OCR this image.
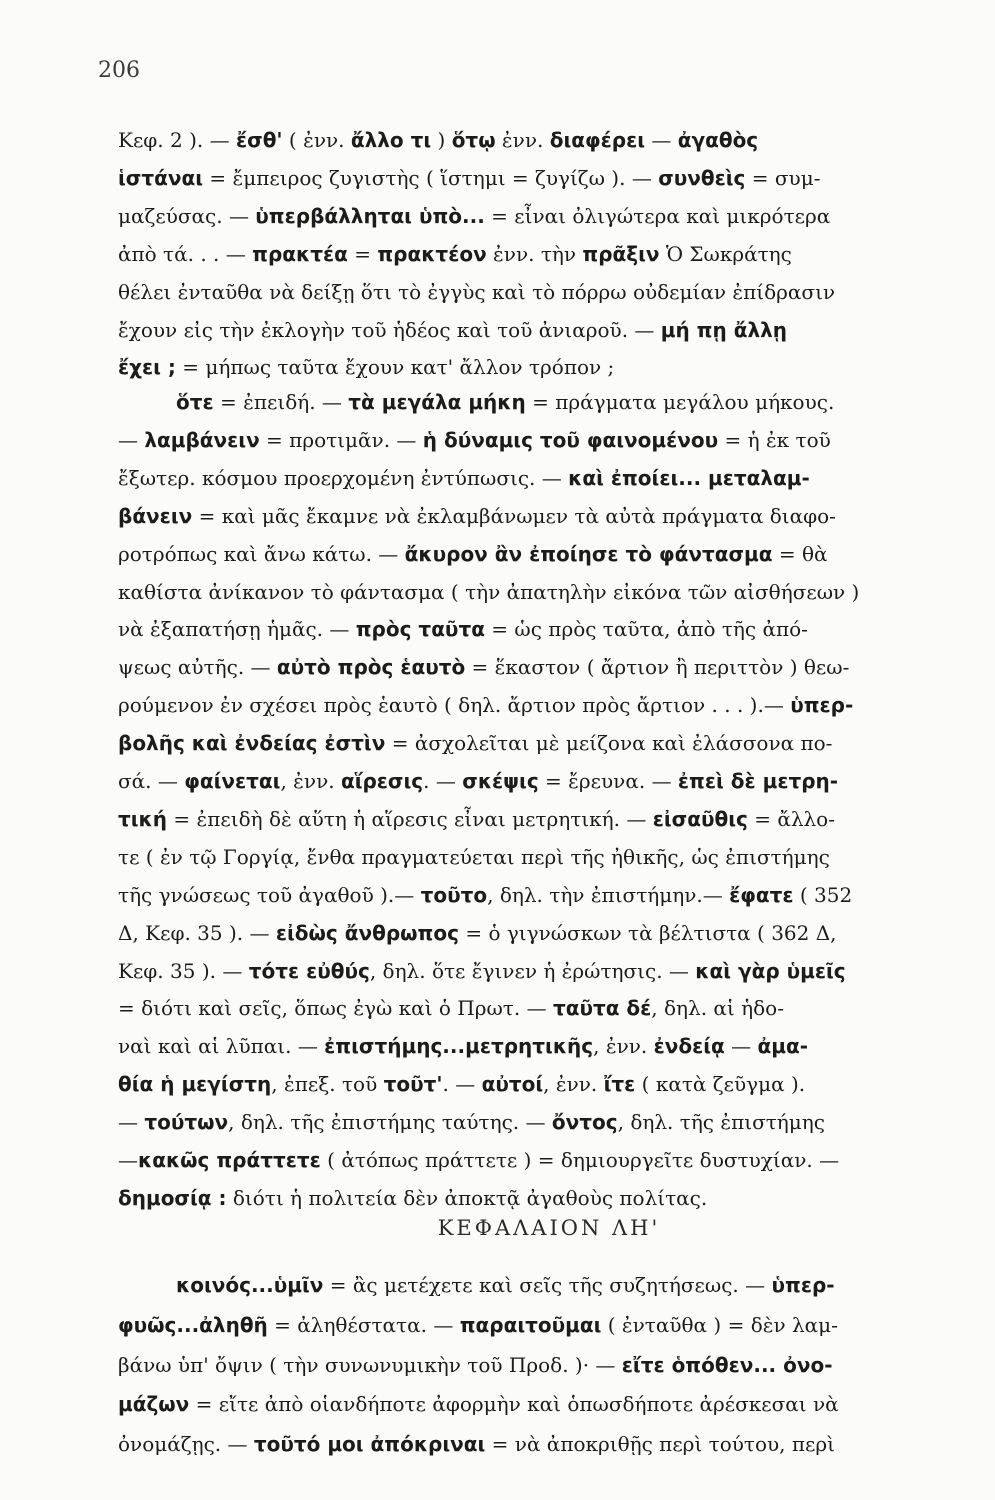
206
Κεφ. 2 ). — ἔσθ' ( ἐνν. ἄλλο τι ) ὅτῳ ἐνν. διαφέρει — ἀγαθὸς
ἱστάναι = ἔμπειρος ζυγιστὴς ( ἵστημι = ζυγίζω ). — συνθεὶς = συμ-
μαζεύσας. — ὑπερβάλληται ὑπὸ... = εἶναι ὀλιγώτερα καὶ μικρότερα
ἀπὸ τά. . . — πρακτέα = πρακτέον ἐνν. τὴν πρᾶξιν Ὁ Σωκράτης
θέλει ἐνταῦθα νὰ δείξῃ ὅτι τὸ ἐγγὺς καὶ τὸ πόρρω οὐδεμίαν ἐπίδρασιν
ἔχουν εἰς τὴν ἐκλογὴν τοῦ ἡδέος καὶ τοῦ ἀνιαροῦ. — μή πῃ ἄλλῃ
ἔχει ; = μήπως ταῦτα ἔχουν κατ' ἄλλον τρόπον ;
ὅτε = ἐπειδή. — τὰ μεγάλα μήκη = πράγματα μεγάλου μήκους.
— λαμβάνειν = προτιμᾶν. — ἡ δύναμις τοῦ φαινομένου = ἡ ἐκ τοῦ
ἔξωτερ. κόσμου προερχομένη ἐντύπωσις. — καὶ ἐποίει... μεταλαμ-
βάνειν = καὶ μᾶς ἔκαμνε νὰ ἐκλαμβάνωμεν τὰ αὐτὰ πράγματα διαφο-
ροτρόπως καὶ ἄνω κάτω. — ἄκυρον ἂν ἐποίησε τὸ φάντασμα = θὰ
καθίστα ἀνίκανον τὸ φάντασμα ( τὴν ἀπατηλὴν εἰκόνα τῶν αἰσθήσεων )
νὰ ἐξαπατήσῃ ἡμᾶς. — πρὸς ταῦτα = ὡς πρὸς ταῦτα, ἀπὸ τῆς ἀπό-
ψεως αὐτῆς. — αὐτὸ πρὸς ἑαυτὸ = ἕκαστον ( ἄρτιον ἢ περιττὸν ) θεω-
ρούμενον ἐν σχέσει πρὸς ἑαυτὸ ( δηλ. ἄρτιον πρὸς ἄρτιον . . . ).— ὑπερ-
βολῆς καὶ ἐνδείας ἐστὶν = ἀσχολεῖται μὲ μείζονα καὶ ἐλάσσονα πο-
σά. — φαίνεται, ἐνν. αἵρεσις. — σκέψις = ἔρευνα. — ἐπεὶ δὲ μετρη-
τική = ἐπειδὴ δὲ αὕτη ἡ αἵρεσις εἶναι μετρητική. — εἰσαῦθις = ἄλλο-
τε ( ἐν τῷ Γοργίᾳ, ἔνθα πραγματεύεται περὶ τῆς ἠθικῆς, ὡς ἐπιστήμης
τῆς γνώσεως τοῦ ἀγαθοῦ ).— τοῦτο, δηλ. τὴν ἐπιστήμην.— ἔφατε ( 352
Δ, Κεφ. 35 ). — εἰδὼς ἄνθρωπος = ὁ γιγνώσκων τὰ βέλτιστα ( 362 Δ,
Κεφ. 35 ). — τότε εὐθύς, δηλ. ὅτε ἔγινεν ἡ ἐρώτησις. — καὶ γὰρ ὑμεῖς
= διότι καὶ σεῖς, ὅπως ἐγὼ καὶ ὁ Πρωτ. — ταῦτα δέ, δηλ. αἱ ἡδο-
ναὶ καὶ αἱ λῦπαι. — ἐπιστήμης...μετρητικῆς, ἐνν. ἐνδείᾳ — ἀμα-
θία ἡ μεγίστη, ἐπεξ. τοῦ τοῦτ'. — αὐτοί, ἐνν. ἴτε ( κατὰ ζεῦγμα ).
— τούτων, δηλ. τῆς ἐπιστήμης ταύτης. — ὄντος, δηλ. τῆς ἐπιστήμης
—κακῶς πράττετε ( ἀτόπως πράττετε ) = δημιουργεῖτε δυστυχίαν. —
δημοσίᾳ : διότι ἡ πολιτεία δὲν ἀποκτᾷ ἀγαθοὺς πολίτας.
ΚΕΦΑΛΑΙΟΝ ΛΗ'
κοινός...ὑμῖν = ἂς μετέχετε καὶ σεῖς τῆς συζητήσεως. — ὑπερ-
φυῶς...ἀληθῆ = ἀληθέστατα. — παραιτοῦμαι ( ἐνταῦθα ) = δὲν λαμ-
βάνω ὑπ' ὄψιν ( τὴν συνωνυμικὴν τοῦ Προδ. )· — εἴτε ὁπόθεν... ὀνο-
μάζων = εἴτε ἀπὸ οἱανδήποτε ἀφορμὴν καὶ ὁπωσδήποτε ἀρέσκεσαι νὰ
ὀνομάζῃς. — τοῦτό μοι ἀπόκριναι = νὰ ἀποκριθῇς περὶ τούτου, περὶ
